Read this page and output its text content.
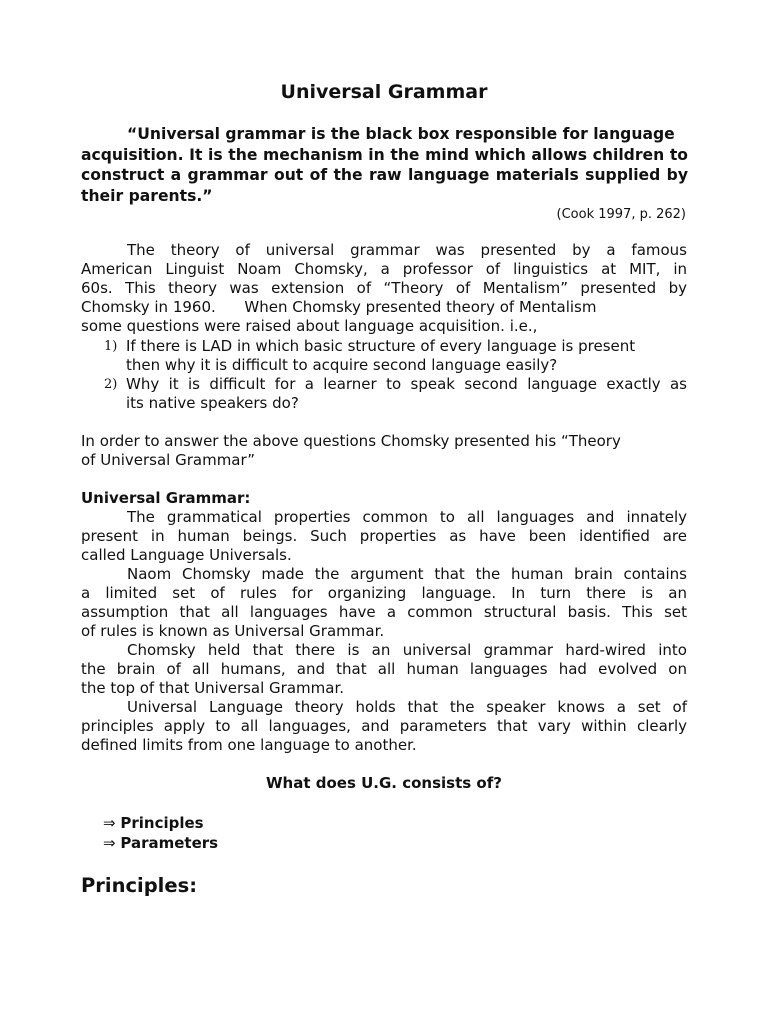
Universal Grammar
“Universal grammar is the black box responsible for language
acquisition. It is the mechanism in the mind which allows children to
construct a grammar out of the raw language materials supplied by
their parents.”
(Cook 1997, p. 262)
The theory of universal grammar was presented by a famous
American Linguist Noam Chomsky, a professor of linguistics at MIT, in
60s. This theory was extension of “Theory of Mentalism” presented by
Chomsky in 1960.      When Chomsky presented theory of Mentalism
some questions were raised about language acquisition. i.e.,
1) If there is LAD in which basic structure of every language is present
then why it is difficult to acquire second language easily?
2) Why it is difficult for a learner to speak second language exactly as
its native speakers do?
In order to answer the above questions Chomsky presented his “Theory
of Universal Grammar”
Universal Grammar:
The grammatical properties common to all languages and innately
present in human beings. Such properties as have been identified are
called Language Universals.
Naom Chomsky made the argument that the human brain contains
a limited set of rules for organizing language. In turn there is an
assumption that all languages have a common structural basis. This set
of rules is known as Universal Grammar.
Chomsky held that there is an universal grammar hard-wired into
the brain of all humans, and that all human languages had evolved on
the top of that Universal Grammar.
Universal Language theory holds that the speaker knows a set of
principles apply to all languages, and parameters that vary within clearly
defined limits from one language to another.
What does U.G. consists of?
⇒ Principles
⇒ Parameters
Principles:
